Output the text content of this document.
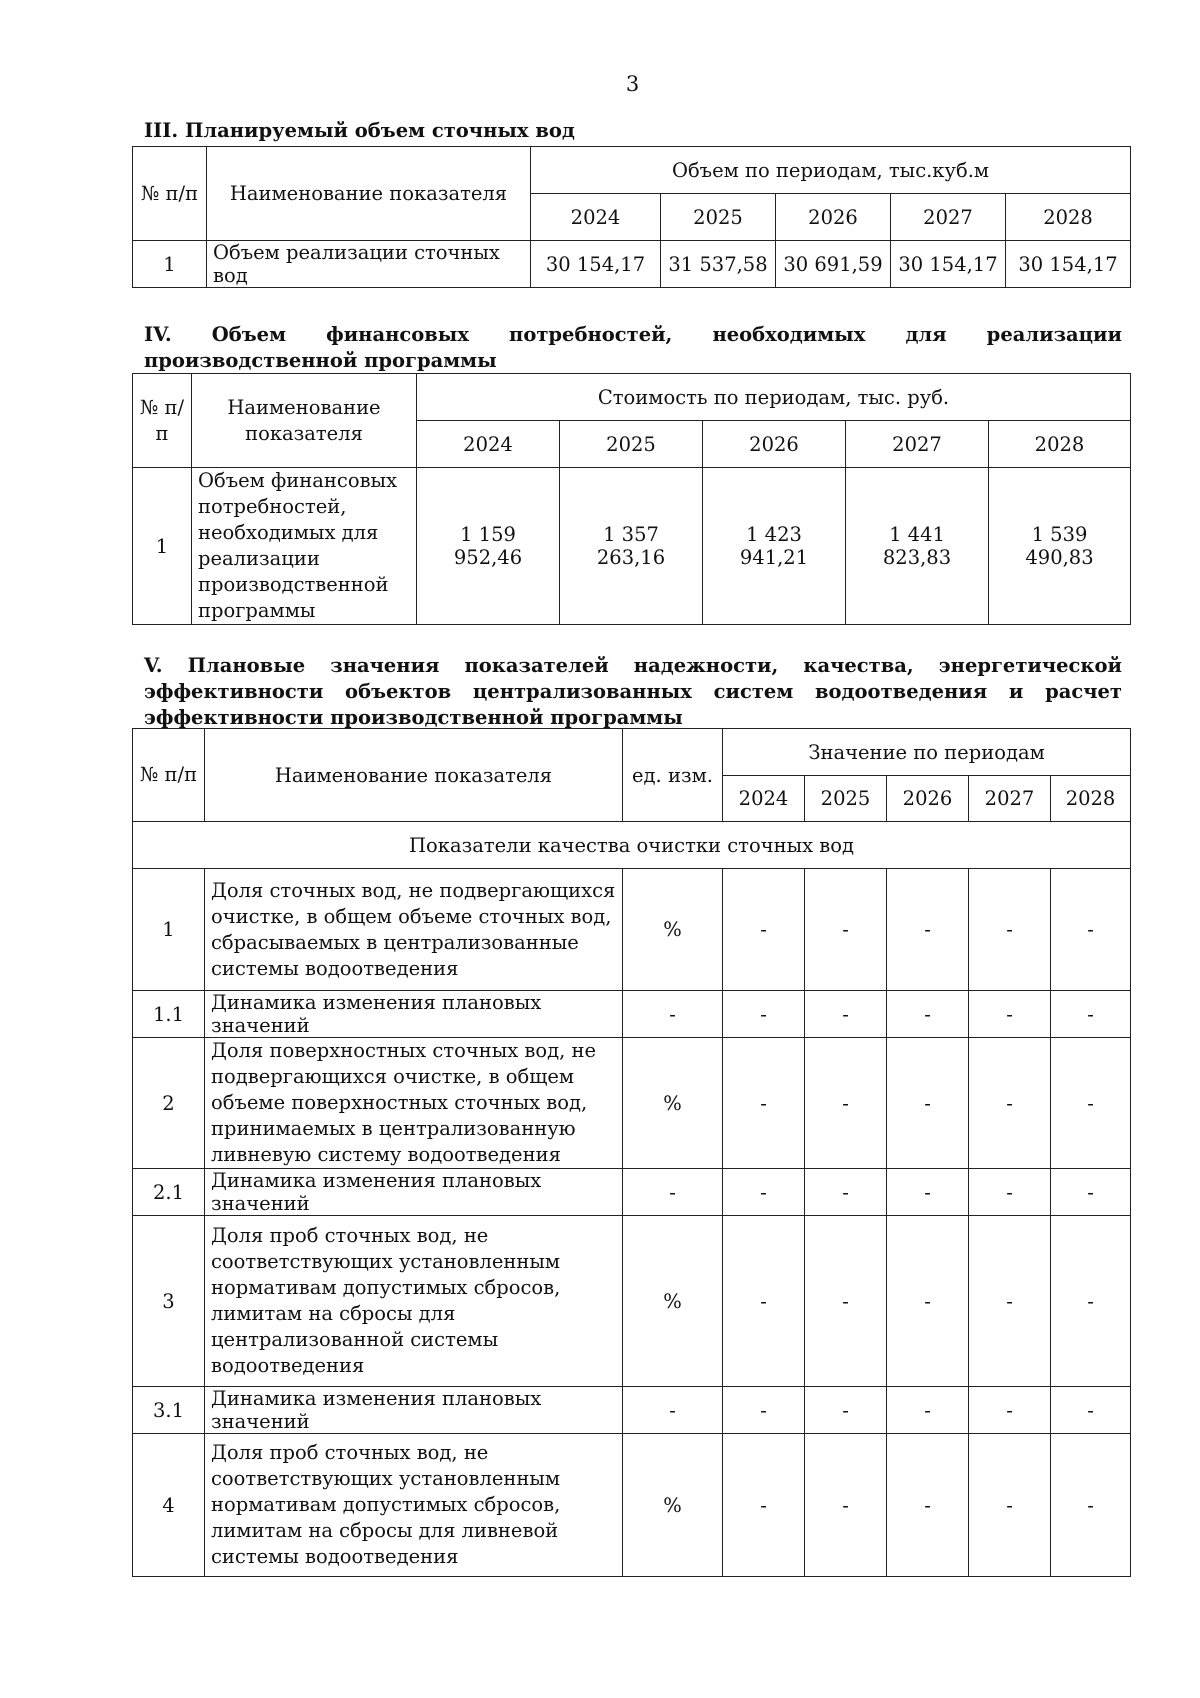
3
III. Планируемый объем сточных вод
№ п/п	Наименование показателя	Объем по периодам, тыс.куб.м				
		2024	2025	2026	2027	2028
1	Объем реализации сточных вод	30 154,17	31 537,58	30 691,59	30 154,17	30 154,17
IV. Объем финансовых потребностей, необходимых для реализации производственной программы
№ п/п	Наименование показателя	Стоимость по периодам, тыс. руб.				
		2024	2025	2026	2027	2028
1	Объем финансовых потребностей, необходимых для реализации производственной программы	1 159 952,46	1 357 263,16	1 423 941,21	1 441 823,83	1 539 490,83
V. Плановые значения показателей надежности, качества, энергетической эффективности объектов централизованных систем водоотведения и расчет эффективности производственной программы
№ п/п	Наименование показателя	ед. изм.	Значение по периодам				
			2024	2025	2026	2027	2028
Показатели качества очистки сточных вод							
1	Доля сточных вод, не подвергающихся очистке, в общем объеме сточных вод, сбрасываемых в централизованные системы водоотведения	%	-	-	-	-	-
1.1	Динамика изменения плановых значений	-	-	-	-	-	-
2	Доля поверхностных сточных вод, не подвергающихся очистке, в общем объеме поверхностных сточных вод, принимаемых в централизованную ливневую систему водоотведения	%	-	-	-	-	-
2.1	Динамика изменения плановых значений	-	-	-	-	-	-
3	Доля проб сточных вод, не соответствующих установленным нормативам допустимых сбросов, лимитам на сбросы для централизованной системы водоотведения	%	-	-	-	-	-
3.1	Динамика изменения плановых значений	-	-	-	-	-	-
4	Доля проб сточных вод, не соответствующих установленным нормативам допустимых сбросов, лимитам на сбросы для ливневой системы водоотведения	%	-	-	-	-	-
